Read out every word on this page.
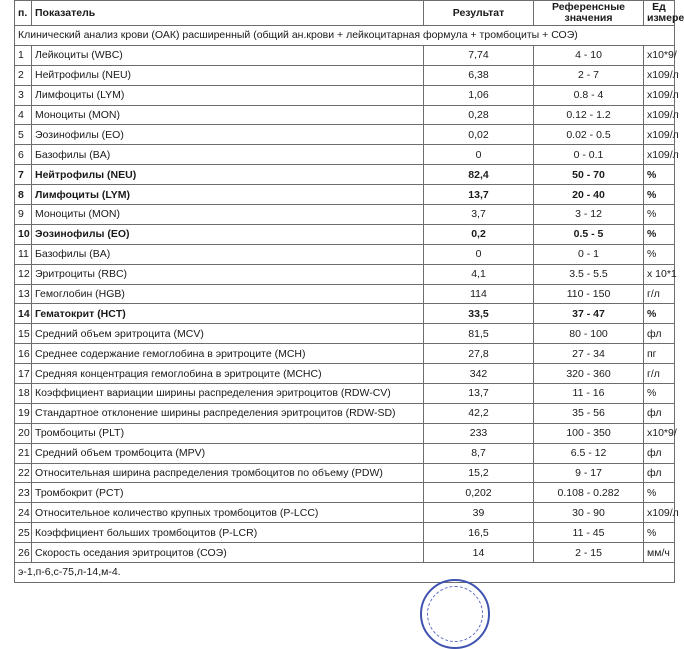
п.	Показатель	Результат	Референсные
значения	Ед
измере
Клинический анализ крови (ОАК) расширенный (общий ан.крови + лейкоцитарная формула + тромбоциты + СОЭ)				
1	Лейкоциты (WBC)	7,74	4 - 10	x10*9/
2	Нейтрофилы (NEU)	6,38	2 - 7	x109/л
3	Лимфоциты (LYM)	1,06	0.8 - 4	x109/л
4	Моноциты (MON)	0,28	0.12 - 1.2	x109/л
5	Эозинофилы (EO)	0,02	0.02 - 0.5	x109/л
6	Базофилы (BA)	0	0 - 0.1	x109/л
7	Нейтрофилы (NEU)	82,4	50 - 70	%
8	Лимфоциты (LYM)	13,7	20 - 40	%
9	Моноциты (MON)	3,7	3 - 12	%
10	Эозинофилы (EO)	0,2	0.5 - 5	%
11	Базофилы (BA)	0	0 - 1	%
12	Эритроциты (RBC)	4,1	3.5 - 5.5	x 10*1
13	Гемоглобин (HGB)	114	110 - 150	г/л
14	Гематокрит (HCT)	33,5	37 - 47	%
15	Средний объем эритроцита (MCV)	81,5	80 - 100	фл
16	Среднее содержание гемоглобина в эритроците (MCH)	27,8	27 - 34	пг
17	Средняя концентрация гемоглобина в эритроците (MCHC)	342	320 - 360	г/л
18	Коэффициент вариации ширины распределения эритроцитов (RDW-CV)	13,7	11 - 16	%
19	Стандартное отклонение ширины распределения эритроцитов (RDW-SD)	42,2	35 - 56	фл
20	Тромбоциты (PLT)	233	100 - 350	x10*9/
21	Средний объем тромбоцита (MPV)	8,7	6.5 - 12	фл
22	Относительная ширина распределения тромбоцитов по объему (PDW)	15,2	9 - 17	фл
23	Тромбокрит (PCT)	0,202	0.108 - 0.282	%
24	Относительное количество крупных тромбоцитов (P-LCC)	39	30 - 90	x109/л
25	Коэффициент больших тромбоцитов (P-LCR)	16,5	11 - 45	%
26	Скорость оседания эритроцитов (СОЭ)	14	2 - 15	мм/ч
э-1,п-6,с-75,л-14,м-4.				
